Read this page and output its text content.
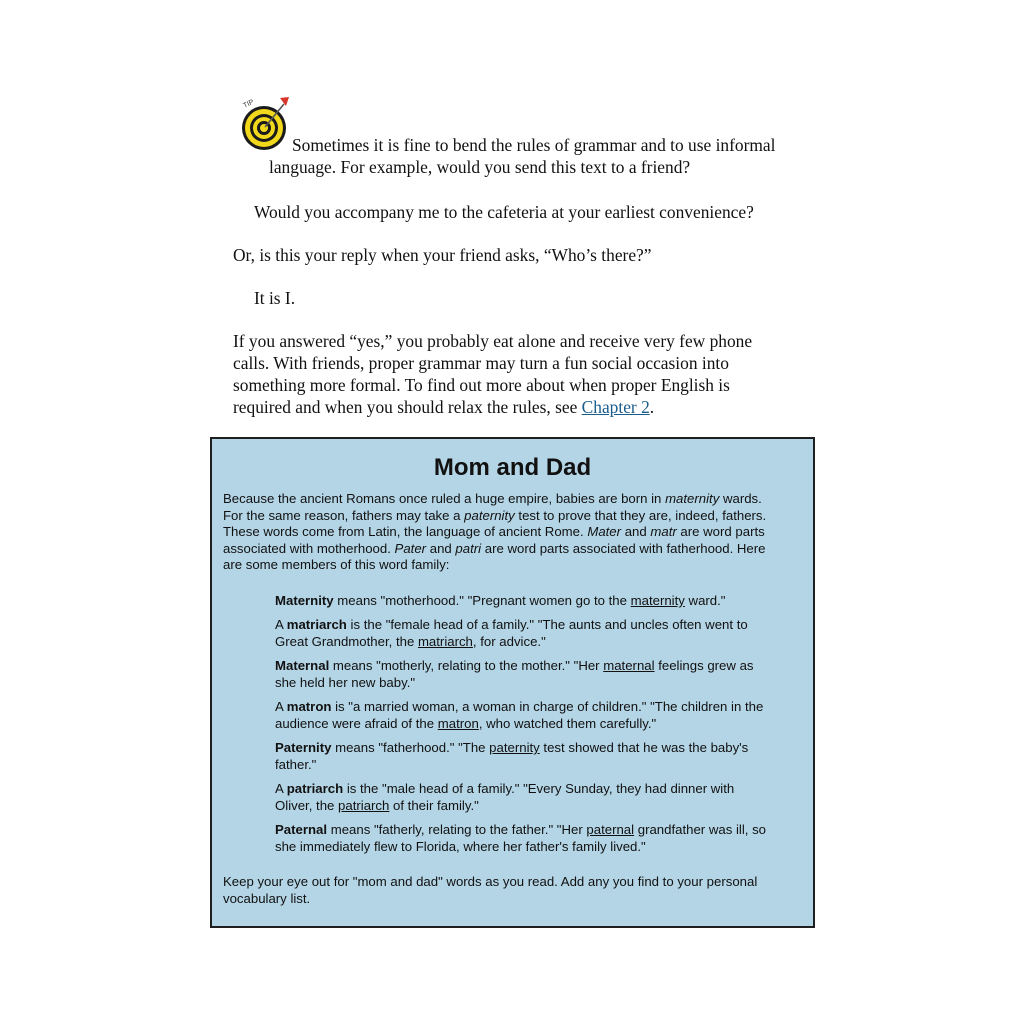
TIP
Sometimes it is fine to bend the rules of grammar and to use informal
language. For example, would you send this text to a friend?
Would you accompany me to the cafeteria at your earliest convenience?
Or, is this your reply when your friend asks, “Who’s there?”
It is I.
If you answered “yes,” you probably eat alone and receive very few phone
calls. With friends, proper grammar may turn a fun social occasion into
something more formal. To find out more about when proper English is
required and when you should relax the rules, see Chapter 2.
Mom and Dad
Because the ancient Romans once ruled a huge empire, babies are born in maternity wards.
For the same reason, fathers may take a paternity test to prove that they are, indeed, fathers.
These words come from Latin, the language of ancient Rome. Mater and matr are word parts
associated with motherhood. Pater and patri are word parts associated with fatherhood. Here
are some members of this word family:
Maternity means "motherhood." "Pregnant women go to the maternity ward."
A matriarch is the "female head of a family." "The aunts and uncles often went to
Great Grandmother, the matriarch, for advice."
Maternal means "motherly, relating to the mother." "Her maternal feelings grew as
she held her new baby."
A matron is "a married woman, a woman in charge of children." "The children in the
audience were afraid of the matron, who watched them carefully."
Paternity means "fatherhood." "The paternity test showed that he was the baby's
father."
A patriarch is the "male head of a family." "Every Sunday, they had dinner with
Oliver, the patriarch of their family."
Paternal means "fatherly, relating to the father." "Her paternal grandfather was ill, so
she immediately flew to Florida, where her father's family lived."
Keep your eye out for "mom and dad" words as you read. Add any you find to your personal
vocabulary list.
